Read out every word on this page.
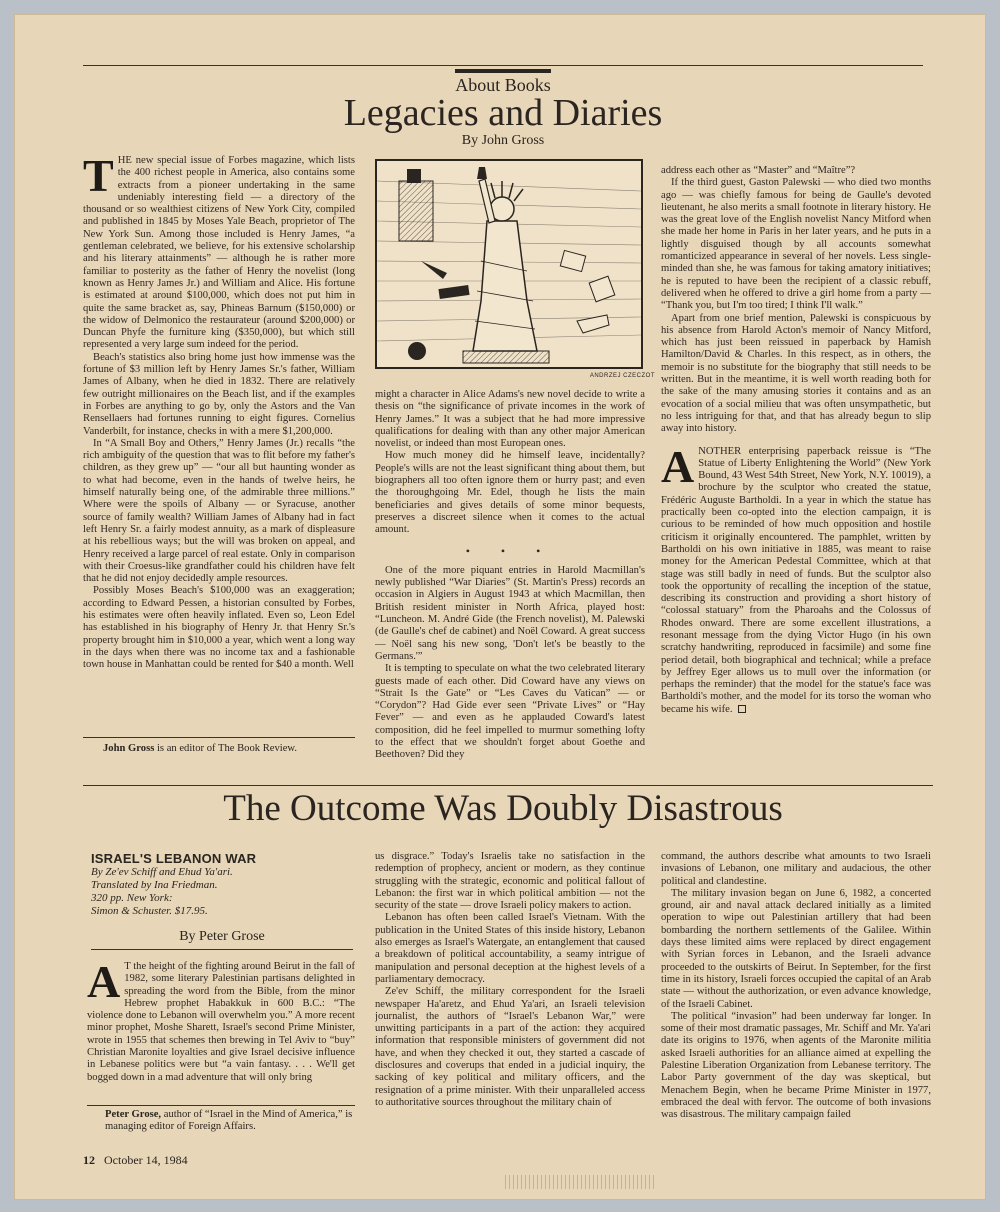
About Books
Legacies and Diaries
By John Gross

THE new special issue of Forbes magazine, which lists the 400 richest people in America, also contains some extracts from a pioneer undertaking in the same undeniably interesting field — a directory of the thousand or so wealthiest citizens of New York City, compiled and published in 1845 by Moses Yale Beach, proprietor of The New York Sun. Among those included is Henry James, “a gentleman celebrated, we believe, for his extensive scholarship and his literary attainments” — although he is rather more familiar to posterity as the father of Henry the novelist (long known as Henry James Jr.) and William and Alice. His fortune is estimated at around $100,000, which does not put him in quite the same bracket as, say, Phineas Barnum ($150,000) or the widow of Delmonico the restaurateur (around $200,000) or Duncan Phyfe the furniture king ($350,000), but which still represented a very large sum indeed for the period.

Beach's statistics also bring home just how immense was the fortune of $3 million left by Henry James Sr.'s father, William James of Albany, when he died in 1832. There are relatively few outright millionaires on the Beach list, and if the examples in Forbes are anything to go by, only the Astors and the Van Rensellaers had fortunes running to eight figures. Cornelius Vanderbilt, for instance, checks in with a mere $1,200,000.

In “A Small Boy and Others,” Henry James (Jr.) recalls “the rich ambiguity of the question that was to flit before my father's children, as they grew up” — “our all but haunting wonder as to what had become, even in the hands of twelve heirs, he himself naturally being one, of the admirable three millions.” Where were the spoils of Albany — or Syracuse, another source of family wealth? William James of Albany had in fact left Henry Sr. a fairly modest annuity, as a mark of displeasure at his rebellious ways; but the will was broken on appeal, and Henry received a large parcel of real estate. Only in comparison with their Croesus-like grandfather could his children have felt that he did not enjoy decidedly ample resources.

Possibly Moses Beach's $100,000 was an exaggeration; according to Edward Pessen, a historian consulted by Forbes, his estimates were often heavily inflated. Even so, Leon Edel has established in his biography of Henry Jr. that Henry Sr.'s property brought him in $10,000 a year, which went a long way in the days when there was no income tax and a fashionable town house in Manhattan could be rented for $40 a month. Well

John Gross is an editor of The Book Review.
ANDRZEJ CZECZOT

might a character in Alice Adams's new novel decide to write a thesis on “the significance of private incomes in the work of Henry James.” It was a subject that he had more impressive qualifications for dealing with than any other major American novelist, or indeed than most European ones.

How much money did he himself leave, incidentally? People's wills are not the least significant thing about them, but biographers all too often ignore them or hurry past; and even the thoroughgoing Mr. Edel, though he lists the main beneficiaries and gives details of some minor bequests, preserves a discreet silence when it comes to the actual amount.

• • •

One of the more piquant entries in Harold Macmillan's newly published “War Diaries” (St. Martin's Press) records an occasion in Algiers in August 1943 at which Macmillan, then British resident minister in North Africa, played host: “Luncheon. M. André Gide (the French novelist), M. Palewski (de Gaulle's chef de cabinet) and Noël Coward. A great success — Noël sang his new song, 'Don't let's be beastly to the Germans.'”

It is tempting to speculate on what the two celebrated literary guests made of each other. Did Coward have any views on “Strait Is the Gate” or “Les Caves du Vatican” — or “Corydon”? Had Gide ever seen “Private Lives” or “Hay Fever” — and even as he applauded Coward's latest composition, did he feel impelled to murmur something lofty to the effect that we shouldn't forget about Goethe and Beethoven? Did they

address each other as “Master” and “Maître”?

If the third guest, Gaston Palewski — who died two months ago — was chiefly famous for being de Gaulle's devoted lieutenant, he also merits a small footnote in literary history. He was the great love of the English novelist Nancy Mitford when she made her home in Paris in her later years, and he puts in a lightly disguised though by all accounts somewhat romanticized appearance in several of her novels. Less single-minded than she, he was famous for taking amatory initiatives; he is reputed to have been the recipient of a classic rebuff, delivered when he offered to drive a girl home from a party — “Thank you, but I'm too tired; I think I'll walk.”

Apart from one brief mention, Palewski is conspicuous by his absence from Harold Acton's memoir of Nancy Mitford, which has just been reissued in paperback by Hamish Hamilton/David & Charles. In this respect, as in others, the memoir is no substitute for the biography that still needs to be written. But in the meantime, it is well worth reading both for the sake of the many amusing stories it contains and as an evocation of a social milieu that was often unsympathetic, but no less intriguing for that, and that has already begun to slip away into history.

ANOTHER enterprising paperback reissue is “The Statue of Liberty Enlightening the World” (New York Bound, 43 West 54th Street, New York, N.Y. 10019), a brochure by the sculptor who created the statue, Frédéric Auguste Bartholdi. In a year in which the statue has practically been co-opted into the election campaign, it is curious to be reminded of how much opposition and hostile criticism it originally encountered. The pamphlet, written by Bartholdi on his own initiative in 1885, was meant to raise money for the American Pedestal Committee, which at that stage was still badly in need of funds. But the sculptor also took the opportunity of recalling the inception of the statue, describing its construction and providing a short history of “colossal statuary” from the Pharoahs and the Colossus of Rhodes onward. There are some excellent illustrations, a resonant message from the dying Victor Hugo (in his own scratchy handwriting, reproduced in facsimile) and some fine period detail, both biographical and technical; while a preface by Jeffrey Eger allows us to mull over the information (or perhaps the reminder) that the model for the statue's face was Bartholdi's mother, and the model for its torso the woman who became his wife.

The Outcome Was Doubly Disastrous
ISRAEL'S LEBANON WAR
By Ze'ev Schiff and Ehud Ya'ari.
Translated by Ina Friedman.
320 pp. New York:
Simon & Schuster. $17.95.
By Peter Grose

A T the height of the fighting around Beirut in the fall of 1982, some literary Palestinian partisans delighted in spreading the word from the Bible, from the minor Hebrew prophet Habakkuk in 600 B.C.: “The violence done to Lebanon will overwhelm you.” A more recent minor prophet, Moshe Sharett, Israel's second Prime Minister, wrote in 1955 that schemes then brewing in Tel Aviv to “buy” Christian Maronite loyalties and give Israel decisive influence in Lebanese politics were but “a vain fantasy. . . . We'll get bogged down in a mad adventure that will only bring

Peter Grose, author of “Israel in the Mind of America,” is managing editor of Foreign Affairs.

us disgrace.” Today's Israelis take no satisfaction in the redemption of prophecy, ancient or modern, as they continue struggling with the strategic, economic and political fallout of Lebanon: the first war in which political ambition — not the security of the state — drove Israeli policy makers to action.

Lebanon has often been called Israel's Vietnam. With the publication in the United States of this inside history, Lebanon also emerges as Israel's Watergate, an entanglement that caused a breakdown of political accountability, a seamy intrigue of manipulation and personal deception at the highest levels of a parliamentary democracy.

Ze'ev Schiff, the military correspondent for the Israeli newspaper Ha'aretz, and Ehud Ya'ari, an Israeli television journalist, the authors of “Israel's Lebanon War,” were unwitting participants in a part of the action: they acquired information that responsible ministers of government did not have, and when they checked it out, they started a cascade of disclosures and coverups that ended in a judicial inquiry, the sacking of key political and military officers, and the resignation of a prime minister. With their unparalleled access to authoritative sources throughout the military chain of

command, the authors describe what amounts to two Israeli invasions of Lebanon, one military and audacious, the other political and clandestine.

The military invasion began on June 6, 1982, a concerted ground, air and naval attack declared initially as a limited operation to wipe out Palestinian artillery that had been bombarding the northern settlements of the Galilee. Within days these limited aims were replaced by direct engagement with Syrian forces in Lebanon, and the Israeli advance proceeded to the outskirts of Beirut. In September, for the first time in its history, Israeli forces occupied the capital of an Arab state — without the authorization, or even advance knowledge, of the Israeli Cabinet.

The political “invasion” had been underway far longer. In some of their most dramatic passages, Mr. Schiff and Mr. Ya'ari date its origins to 1976, when agents of the Maronite militia asked Israeli authorities for an alliance aimed at expelling the Palestine Liberation Organization from Lebanese territory. The Labor Party government of the day was skeptical, but Menachem Begin, when he became Prime Minister in 1977, embraced the deal with fervor. The outcome of both invasions was disastrous. The military campaign failed

12 October 14, 1984
